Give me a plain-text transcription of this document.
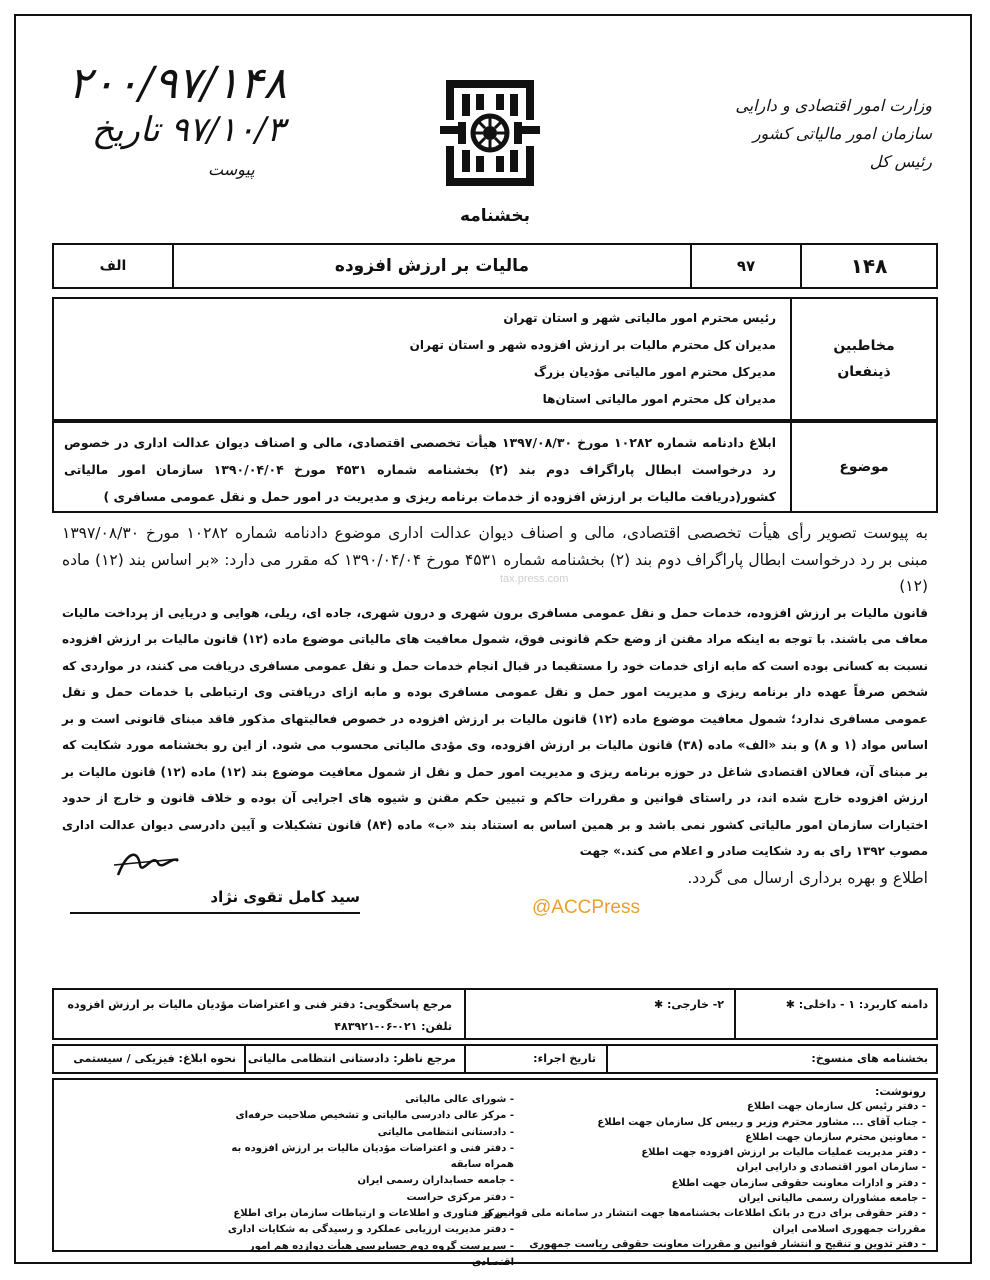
۲۰۰/۹۷/۱۴۸
۹۷/۱۰/۳ تاریخ
پیوست
وزارت امور اقتصادی و دارایی
سازمان امور مالیاتی کشور
رئیس کل
بخشنامه
۱۴۸
۹۷
مالیات بر ارزش افزوده
الف
مخاطبین
ذینفعان
رئیس محترم امور مالیاتی شهر و استان تهران
مدیران کل محترم مالیات بر ارزش افزوده شهر و استان تهران
مدیرکل محترم امور مالیاتی مؤدیان بزرگ
مدیران کل محترم امور مالیاتی استان‌ها
موضوع
ابلاغ دادنامه شماره ۱۰۲۸۲ مورخ ۱۳۹۷/۰۸/۳۰ هیأت تخصصی اقتصادی، مالی و اصناف دیوان عدالت اداری در خصوص رد درخواست ابطال پاراگراف دوم بند (۲) بخشنامه شماره ۴۵۳۱ مورخ ۱۳۹۰/۰۴/۰۴ سازمان امور مالیاتی کشور(دریافت مالیات بر ارزش افزوده از خدمات برنامه ریزی و مدیریت در امور حمل و نقل عمومی مسافری )

به پیوست تصویر رأی هیأت تخصصی اقتصادی، مالی و اصناف دیوان عدالت اداری موضوع دادنامه شماره ۱۰۲۸۲ مورخ ۱۳۹۷/۰۸/۳۰ مبنی بر رد درخواست ابطال پاراگراف دوم بند (۲) بخشنامه شماره ۴۵۳۱ مورخ ۱۳۹۰/۰۴/۰۴ که مقرر می دارد: «بر اساس بند (۱۲) ماده (۱۲)

قانون مالیات بر ارزش افزوده، خدمات حمل و نقل عمومی مسافری برون شهری و درون شهری، جاده ای، ریلی، هوایی و دریایی از پرداخت مالیات معاف می باشند. با توجه به اینکه مراد مقنن از وضع حکم قانونی فوق، شمول معافیت های مالیاتی موضوع ماده (۱۲) قانون مالیات بر ارزش افزوده نسبت به کسانی بوده است که مابه ازای خدمات خود را مستقیما در قبال انجام خدمات حمل و نقل عمومی مسافری دریافت می کنند، در مواردی که شخص صرفاً عهده دار برنامه ریزی و مدیریت امور حمل و نقل عمومی مسافری بوده و مابه ازای دریافتی وی ارتباطی با خدمات حمل و نقل عمومی مسافری ندارد؛ شمول معافیت موضوع ماده (۱۲) قانون مالیات بر ارزش افزوده در خصوص فعالیتهای مذکور فاقد مبنای قانونی است و بر اساس مواد (۱ و ۸) و بند «الف» ماده (۳۸) قانون مالیات بر ارزش افزوده، وی مؤدی مالیاتی محسوب می شود. از این رو بخشنامه مورد شکایت که بر مبنای آن، فعالان اقتصادی شاغل در حوزه برنامه ریزی و مدیریت امور حمل و نقل از شمول معافیت موضوع بند (۱۲) ماده (۱۲) قانون مالیات بر ارزش افزوده خارج شده اند، در راستای قوانین و مقررات حاکم و تبیین حکم مقنن و شیوه های اجرایی آن بوده و خلاف قانون و خارج از حدود اختیارات سازمان امور مالیاتی کشور نمی باشد و بر همین اساس به استناد بند «ب» ماده (۸۴) قانون تشکیلات و آیین دادرسی دیوان عدالت اداری مصوب ۱۳۹۲ رای به رد شکایت صادر و اعلام می کند.» جهت

اطلاع و بهره برداری ارسال می گردد.

tax.press.com
سید کامل تقوی نژاد	@ACCPress
دامنه کاربرد: ۱ - داخلی: ✱
۲- خارجی: ✱
مرجع پاسخگویی: دفتر فنی و اعتراضات مؤدیان مالیات بر ارزش افزوده
تلفن: ۰۲۱-۰۶-۴۸۳۹۲۱
بخشنامه های منسوخ:
تاریخ اجراء:
مرجع ناظر: دادستانی انتظامی مالیاتی
نحوه ابلاغ: فیزیکی / سیستمی
رونوشت:
- دفتر رئیس کل سازمان جهت اطلاع
- جناب آقای ... مشاور محترم وزیر و رییس کل سازمان جهت اطلاع
- معاونین محترم سازمان جهت اطلاع
- دفتر مدیریت عملیات مالیات بر ارزش افزوده جهت اطلاع
- سازمان امور اقتصادی و دارایی ایران
- دفتر و ادارات معاونت حقوقی سازمان جهت اطلاع
- جامعه مشاوران رسمی مالیاتی ایران
- دفتر حقوقی برای درج در بانک اطلاعات بخشنامه‌ها جهت انتشار در سامانه ملی قوانین و مقررات جمهوری اسلامی ایران
- دفتر تدوین و تنقیح و انتشار قوانین و مقررات معاونت حقوقی ریاست جمهوری
- شورای عالی مالیاتی
- مرکز عالی دادرسی مالیاتی و تشخیص صلاحیت حرفه‌ای
- دادستانی انتظامی مالیاتی
- دفتر فنی و اعتراضات مؤدیان مالیات بر ارزش افزوده به همراه سابقه
- جامعه حسابداران رسمی ایران
- دفتر مرکزی حراست
- مرکز فناوری و اطلاعات و ارتباطات سازمان برای اطلاع
- دفتر مدیریت ارزیابی عملکرد و رسیدگی به شکایات اداری
- سرپرست گروه دوم حسابرسی هیأت دوازده هم امور اقتصادی
